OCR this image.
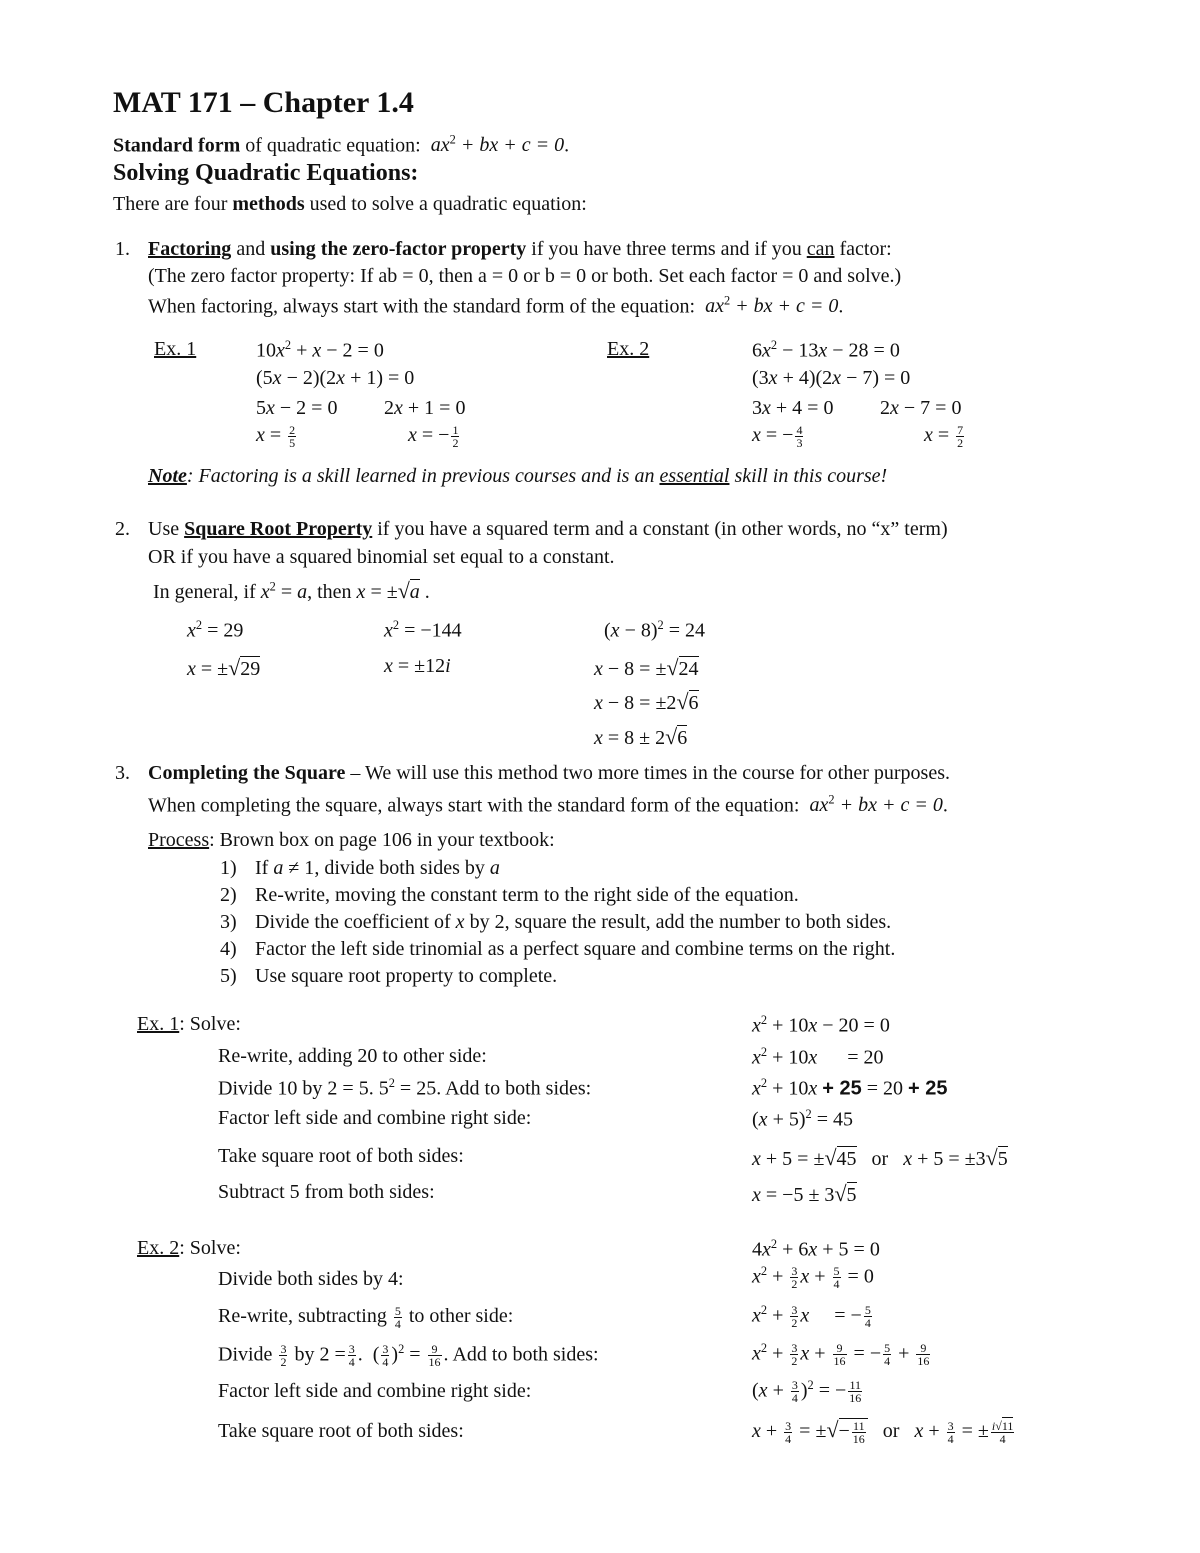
MAT 171 – Chapter 1.4
Standard form of quadratic equation:  $ax^2$ + bx + c = 0.
Solving Quadratic Equations:
There are four methods used to solve a quadratic equation:
1. Factoring and using the zero-factor property if you have three terms and if you can factor:
(The zero factor property: If ab = 0, then a = 0 or b = 0 or both. Set each factor = 0 and solve.)
When factoring, always start with the standard form of the equation:  $ax^2$ + bx + c = 0.
Ex. 1	$10x^2 + x - 2 = 0$
(5x − 2)(2x + 1) = 0
5x − 2 = 0 2x + 1 = 0
$x = \frac{2}{5}$	x = − $\frac{1}{2}$
Ex. 2	$6x^2 - 13x - 28 = 0$
(3x + 4)(2x − 7) = 0
3x + 4 = 0 2x − 7 = 0
x = − $\frac{4}{3}$	$x = \frac{7}{2}$
Note: Factoring is a skill learned in previous courses and is an essential skill in this course!
2. Use Square Root Property if you have a squared term and a constant (in other words, no “x” term)
OR if you have a squared binomial set equal to a constant.
In general, if $x^2 = a$, then x = ±√a .
$x^2 = 29$
x = ±√29
$x^2 = -144$
x = ±12i
$(x - 8)^2 = 24$
x − 8 = ±√24
x − 8 = ±2√6
x = 8 ± 2√6
3. Completing the Square – We will use this method two more times in the course for other purposes.
When completing the square, always start with the standard form of the equation:  $ax^2$ + bx + c = 0.
Process: Brown box on page 106 in your textbook:
1) If a ≠ 1, divide both sides by a
2) Re-write, moving the constant term to the right side of the equation.
3) Divide the coefficient of x by 2, square the result, add the number to both sides.
4) Factor the left side trinomial as a perfect square and combine terms on the right.
5) Use square root property to complete.
Ex. 1: Solve:	$x^2 + 10x - 20 = 0$
Re-write, adding 20 to other side:	$x^2 + 10x$      = 20
Divide 10 by 2 = 5. $5^2 = 25$. Add to both sides:	$x^2 + 10x + 25 = 20 + 25$
Factor left side and combine right side:	$(x + 5)^2 = 45$
Take square root of both sides:	x + 5 = ±√45 or x + 5 = ±3√5
Subtract 5 from both sides:	x = −5 ± 3√5
Ex. 2: Solve:	$4x^2 + 6x + 5 = 0$
Divide both sides by 4:	$x^2 + \frac{3}{2}$ $x + \frac{5}{4} = 0$
Re-write, subtracting $\frac{5}{4}$ to other side:	$x^2 + \frac{3}{2}$ x     = − $\frac{5}{4}$
Divide $\frac{3}{2}$ by $2 = \frac{3}{4}$ .  ( $\frac{3}{4} )^2 = \frac{9}{16}$ . Add to both sides:	$x^2 + \frac{3}{2}$ $x + \frac{9}{16}$ = − $\frac{5}{4} + \frac{9}{16}$
Factor left side and combine right side:	$(x + \frac{3}{4} )^2$ = − $\frac{11}{16}$
Take square root of both sides:	$x + \frac{3}{4}$ = ±√− $\frac{11}{16}$ or $x + \frac{3}{4}$ = ± $\frac{i√11}{4}$
